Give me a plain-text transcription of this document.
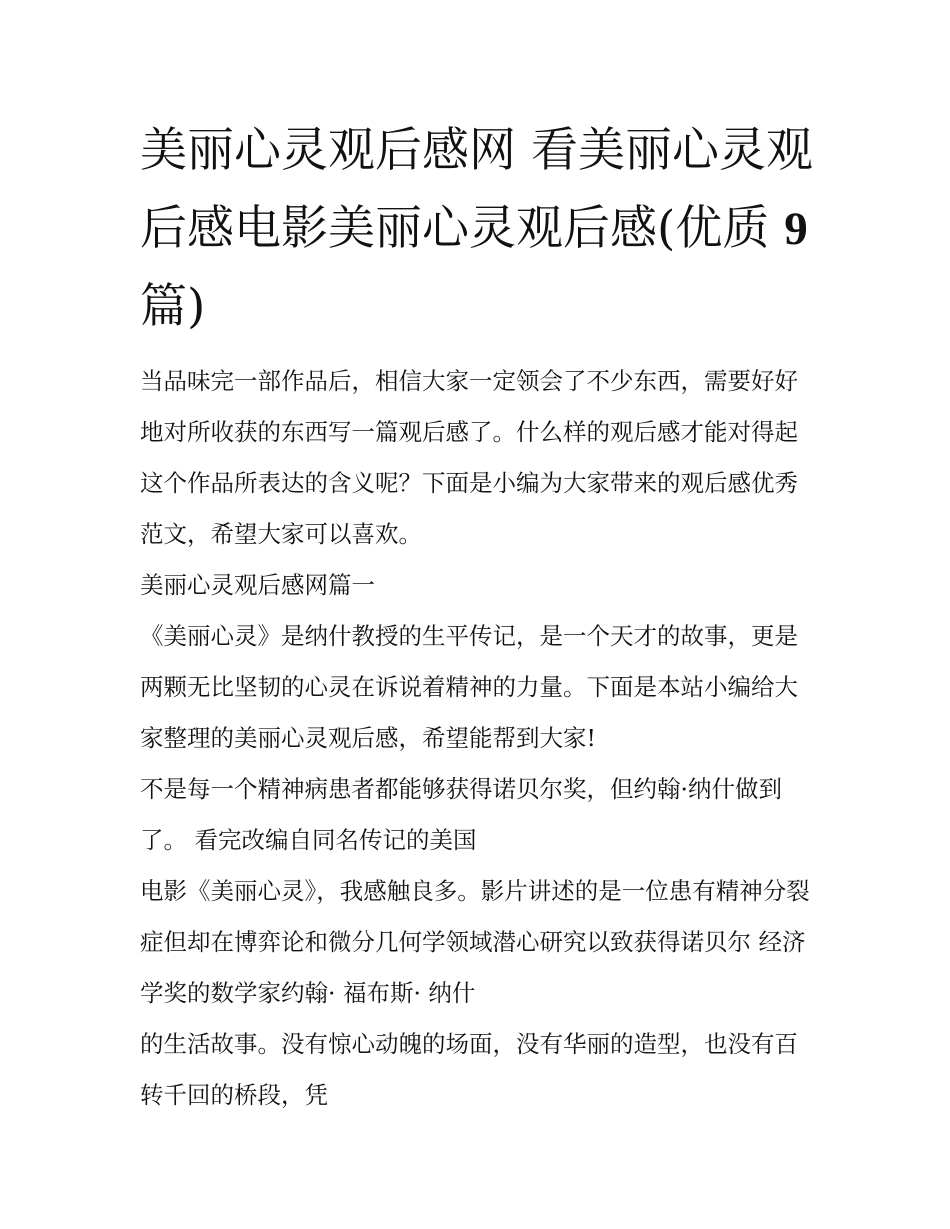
美丽心灵观后感网 看美丽心灵观后感电影美丽心灵观后感(优质 9 篇)

当品味完一部作品后，相信大家一定领会了不少东西，需要好好地对所收获的东西写一篇观后感了。什么样的观后感才能对得起这个作品所表达的含义呢？下面是小编为大家带来的观后感优秀范文，希望大家可以喜欢。

美丽心灵观后感网篇一

《美丽心灵》是纳什教授的生平传记，是一个天才的故事，更是两颗无比坚韧的心灵在诉说着精神的力量。下面是本站小编给大家整理的美丽心灵观后感，希望能帮到大家!

不是每一个精神病患者都能够获得诺贝尔奖，但约翰·纳什做到了。 看完改编自同名传记的美国

电影《美丽心灵》，我感触良多。影片讲述的是一位患有精神分裂症但却在博弈论和微分几何学领域潜心研究以致获得诺贝尔 经济学奖的数学家约翰· 福布斯· 纳什

的生活故事。没有惊心动魄的场面，没有华丽的造型，也没有百转千回的桥段，凭
